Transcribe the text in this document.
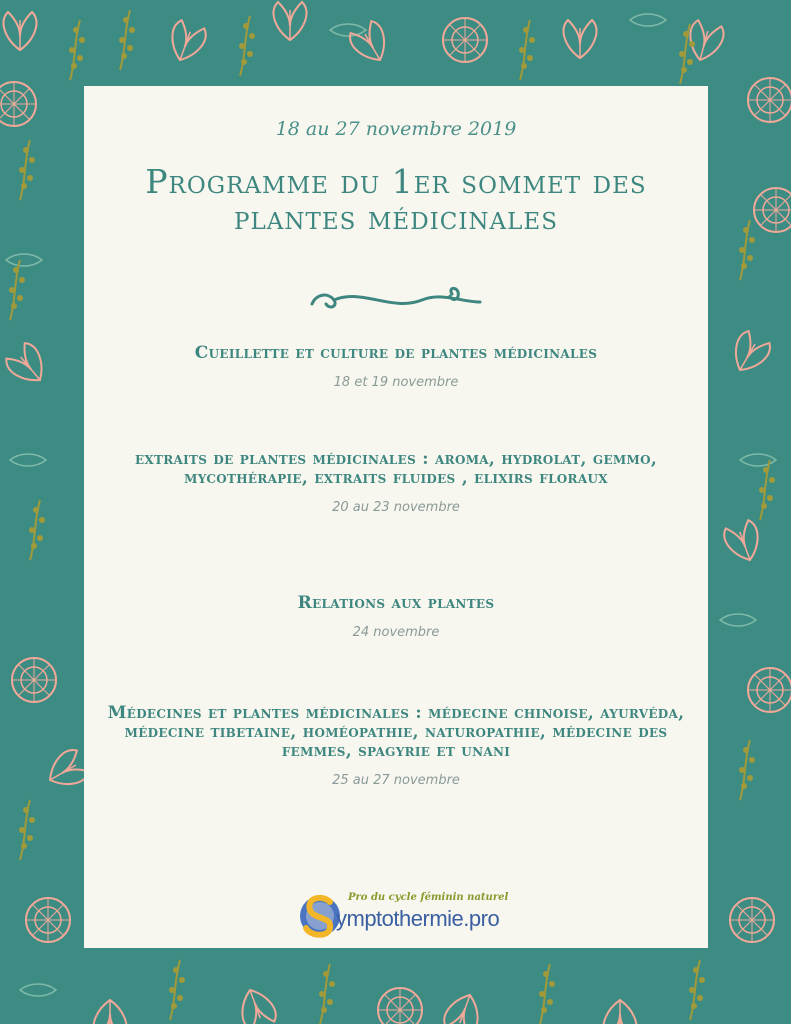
18 au 27 novembre 2019
Programme du 1er sommet des plantes médicinales
Cueillette et culture de plantes médicinales
18 et 19 novembre
extraits de plantes médicinales : aroma, hydrolat, gemmo, mycothérapie, extraits fluides , elixirs floraux
20 au 23 novembre
Relations aux plantes
24 novembre
Médecines et plantes médicinales : médecine chinoise, ayurvéda, médecine tibetaine, homéopathie, naturopathie, médecine des femmes, spagyrie et unani
25 au 27 novembre
Pro du cycle féminin naturel
ymptothermie.pro
